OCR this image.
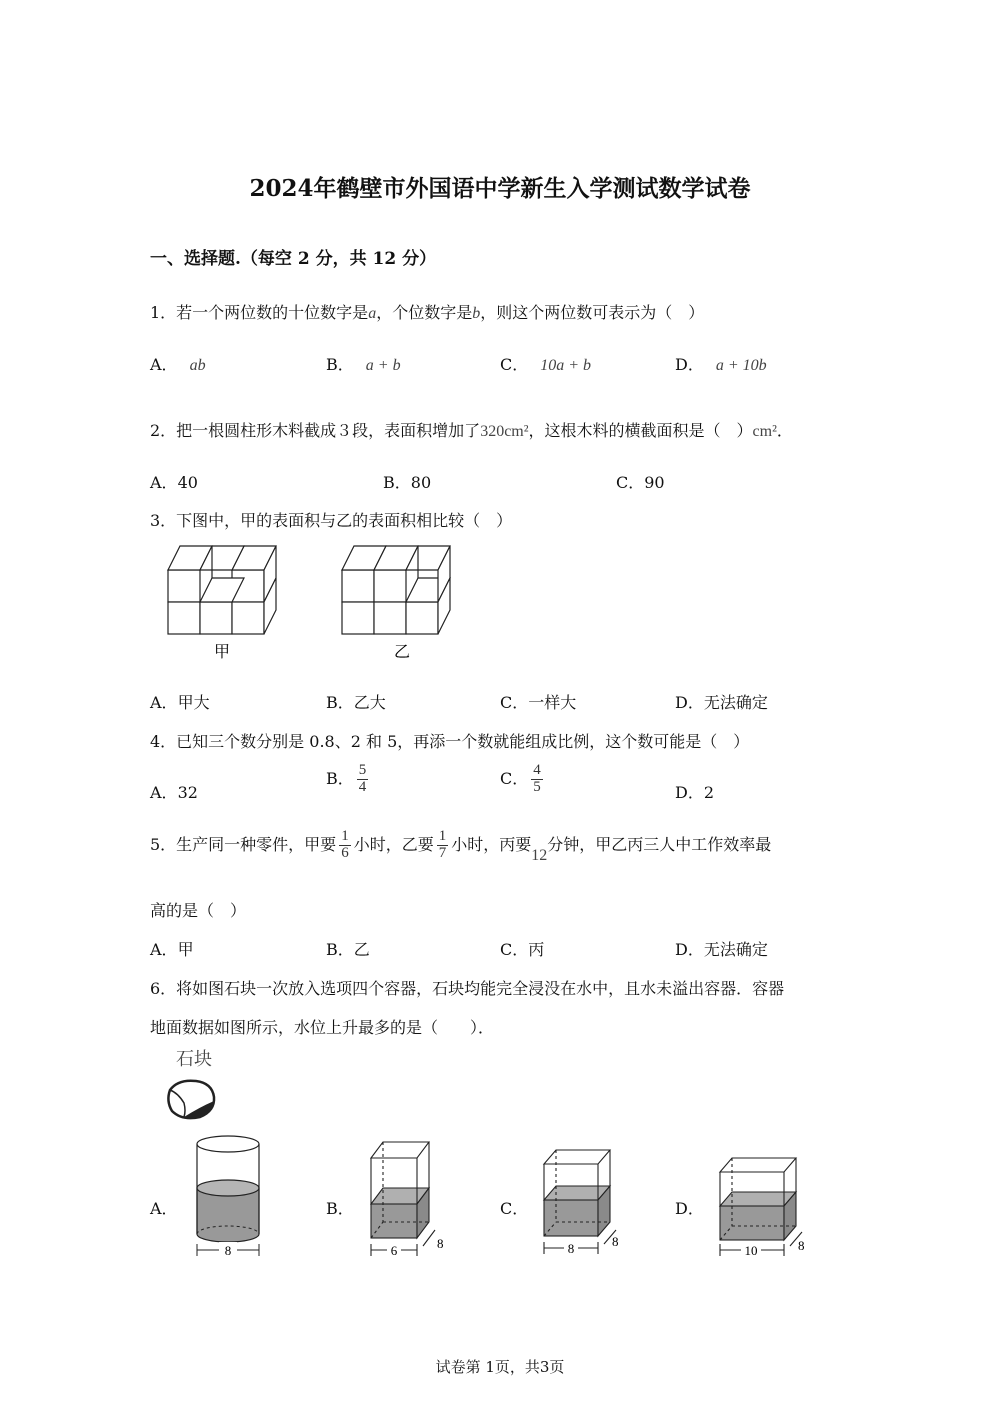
2024年鹤壁市外国语中学新生入学测试数学试卷
一、选择题.（每空 2 分，共 12 分）
1．若一个两位数的十位数字是a，个位数字是b，则这个两位数可表示为（　）
A． ab	B． a + b	C． 10a + b	D． a + 10b
2．把一根圆柱形木料截成３段，表面积增加了320cm²，这根木料的横截面积是（　）cm²．
A．40	B．80	C．90
3．下图中，甲的表面积与乙的表面积相比较（　）
甲	乙
A．甲大	B．乙大	C．一样大	D．无法确定
4．已知三个数分别是 0.8、2 和 5，再添一个数就能组成比例，这个数可能是（　）
A．32
B． $\frac{5}{4}$	C． $\frac{4}{5}$	D．2
5．生产同一种零件，甲要 $\frac{1}{6}$ 小时，乙要 $\frac{1}{7}$ 小时，丙要12分钟，甲乙丙三人中工作效率最
高的是（　）
A．甲	B．乙	C．丙	D．无法确定
6．将如图石块一次放入选项四个容器，石块均能完全浸没在水中，且水未溢出容器．容器
地面数据如图所示，水位上升最多的是（　　）．
石块
A．	B．	C．	D．
8	6	8	8	8
10	8
试卷第 1页，共3页
